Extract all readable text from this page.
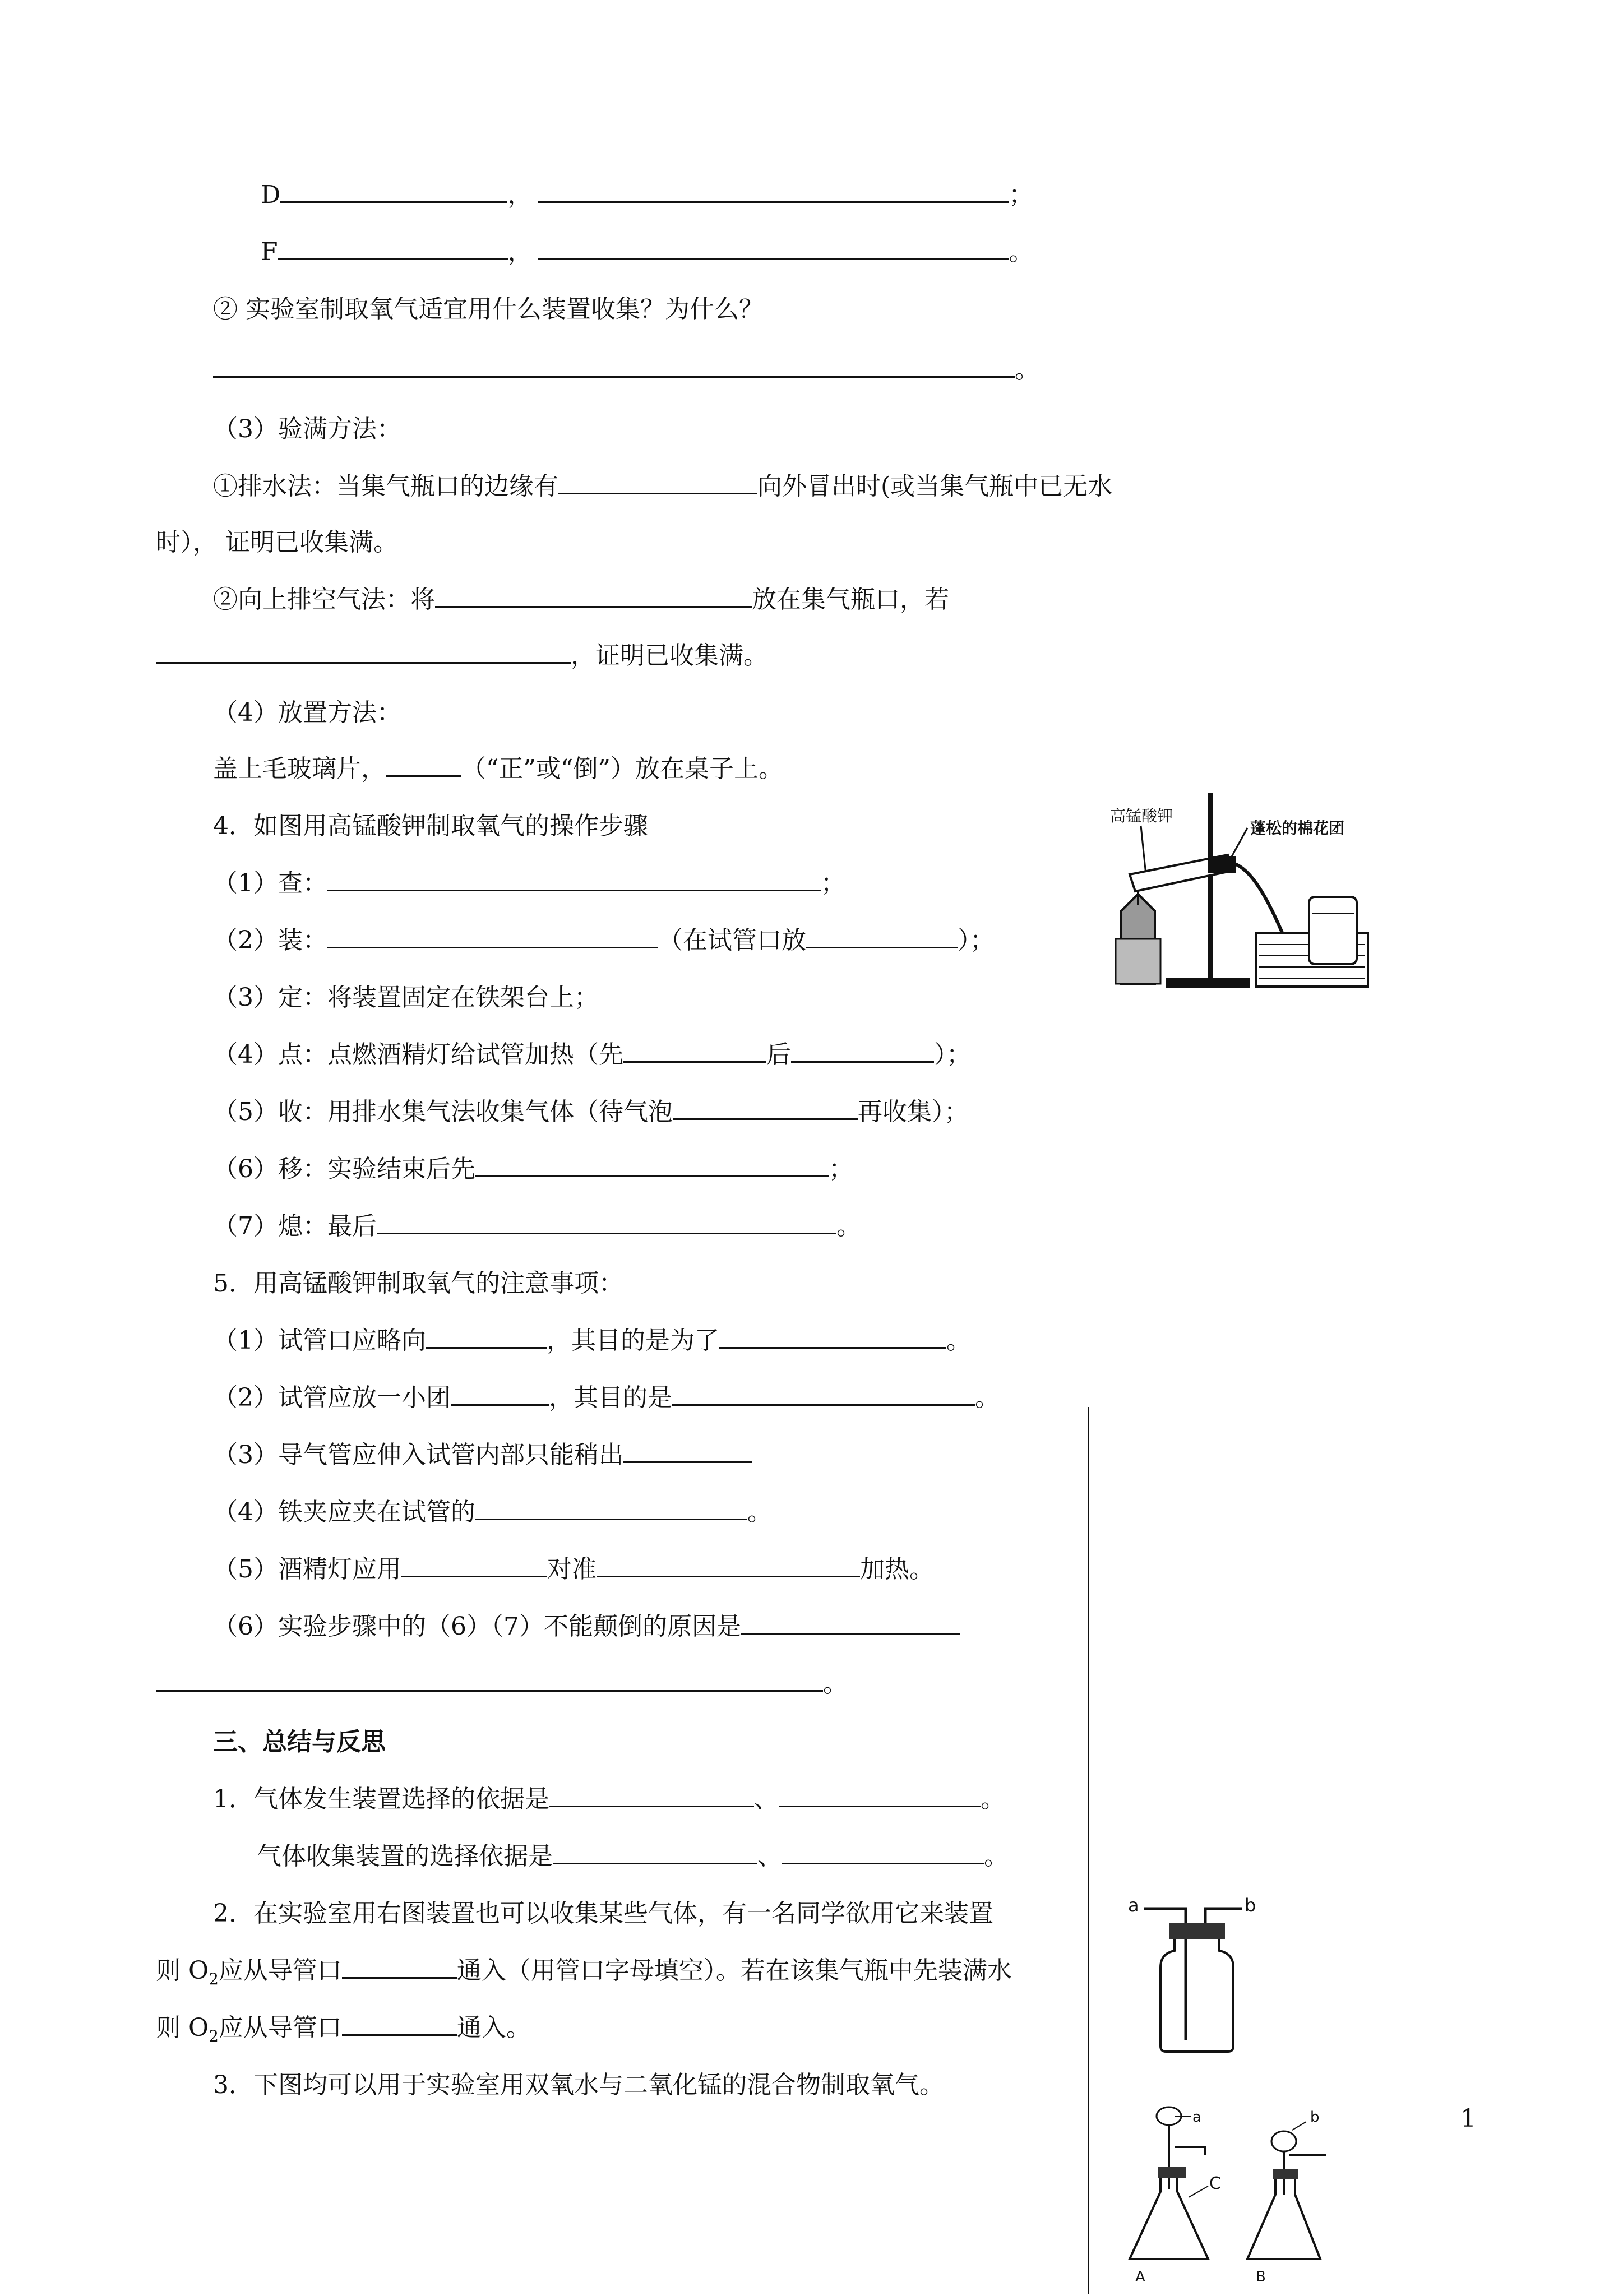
D	，	；
F	，	。
② 实验室制取氧气适宜用什么装置收集？为什么？
。
（3）验满方法：
①排水法：当集气瓶口的边缘有	向外冒出时(或当集气瓶中已无水
时）， 证明已收集满。
②向上排空气法：将	放在集气瓶口，若
，证明已收集满。
（4）放置方法：
盖上毛玻璃片，	（“正”或“倒”）放在桌子上。
4．如图用高锰酸钾制取氧气的操作步骤
（1）查：	；
（2）装：	（在试管口放	）；
（3）定：将装置固定在铁架台上；
（4）点：点燃酒精灯给试管加热（先	后	）；
（5）收：用排水集气法收集气体（待气泡	再收集）；
（6）移：实验结束后先	；
（7）熄：最后	。
高锰酸钾
蓬松的棉花团
5．用高锰酸钾制取氧气的注意事项：
（1）试管口应略向	，其目的是为了	。
（2）试管应放一小团	，其目的是	。
（3）导气管应伸入试管内部只能稍出
（4）铁夹应夹在试管的	。
（5）酒精灯应用	对准	加热。
（6）实验步骤中的（6）（7）不能颠倒的原因是
。
三、总结与反思
1．气体发生装置选择的依据是	、	。
气体收集装置的选择依据是	、	。
2．在实验室用右图装置也可以收集某些气体，有一名同学欲用它来装置
则 $O_2$应从导管口	通入（用管口字母填空）。若在该集气瓶中先装满水
则 $O_2$应从导管口	通入。
3．下图均可以用于实验室用双氧水与二氧化锰的混合物制取氧气。
a	b
a
C
A
b
B
1
